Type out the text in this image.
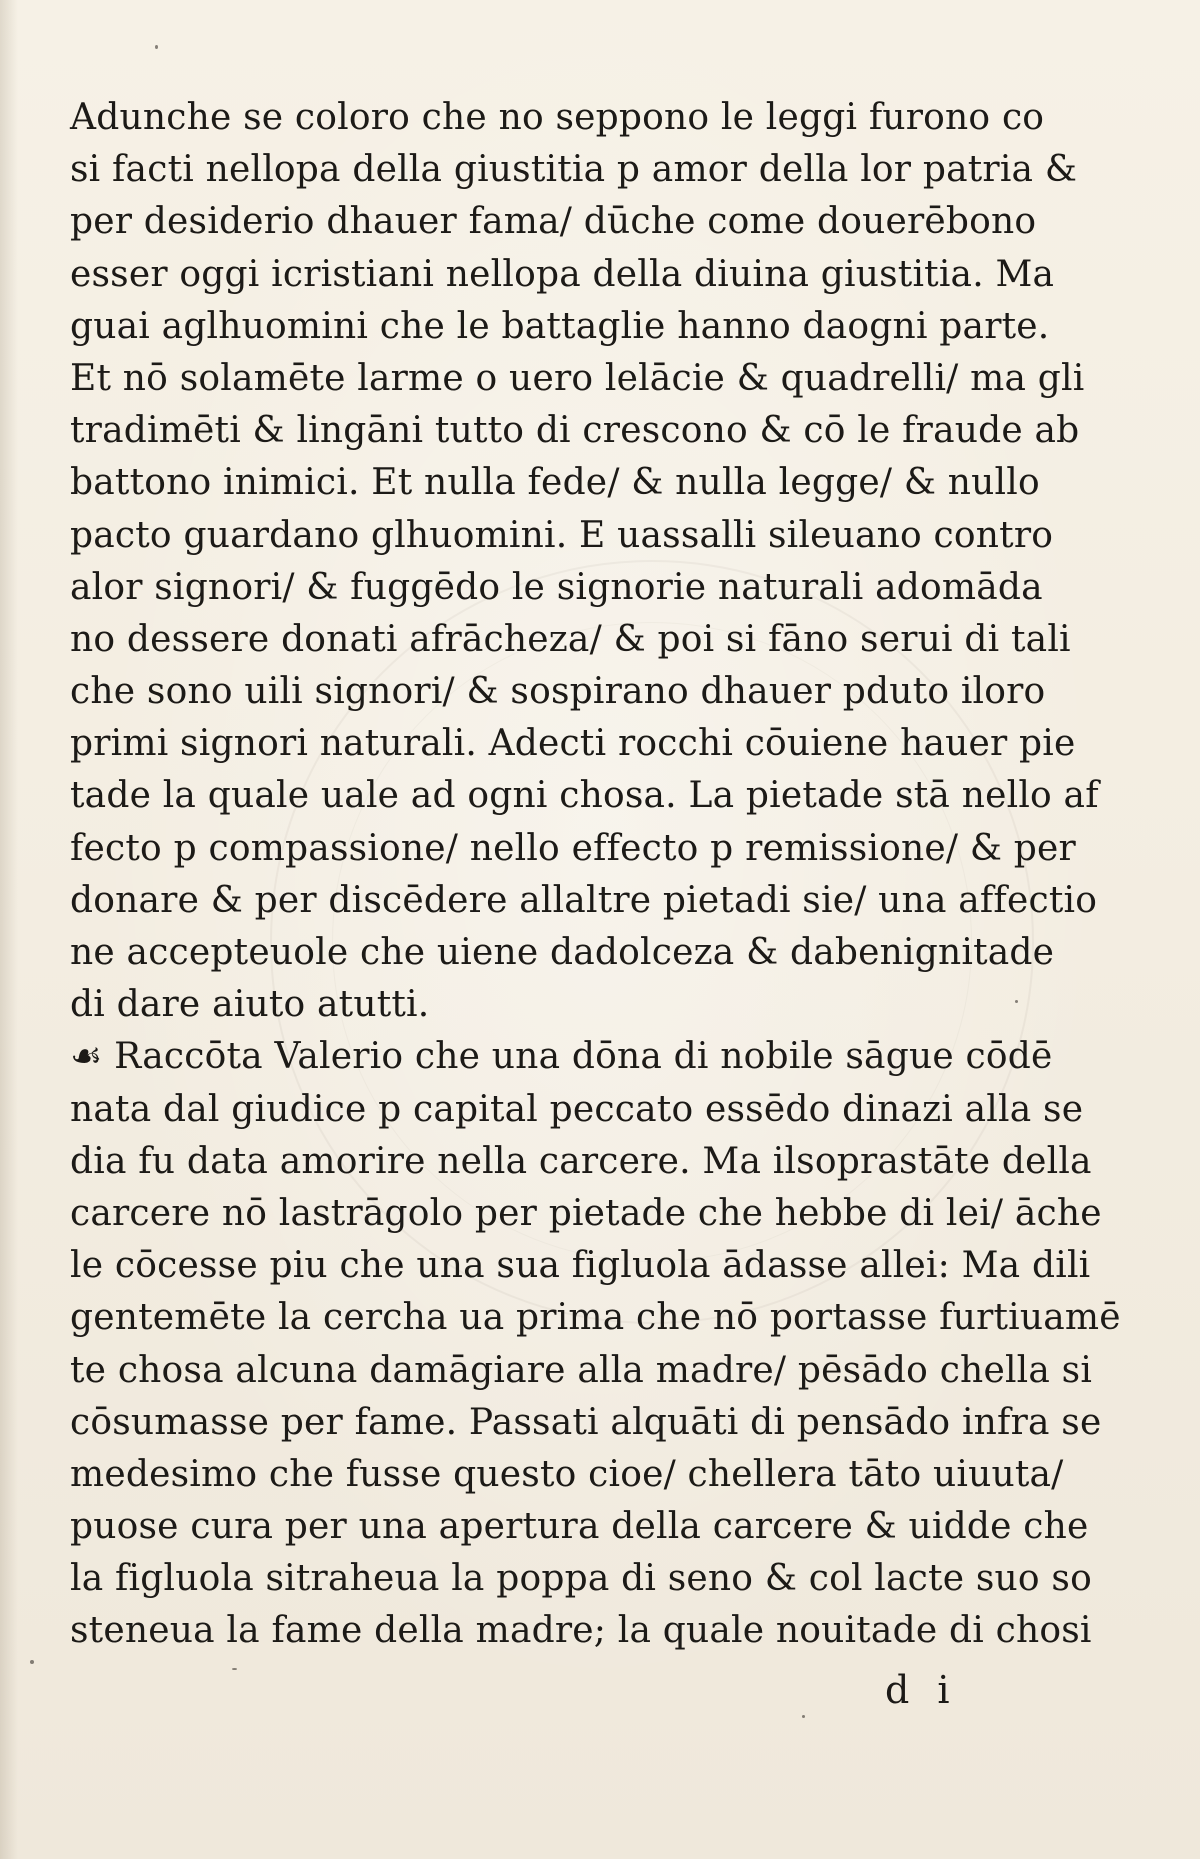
Adunche se coloro che no seppono le leggi furono co
si facti nellopa della giustitia p amor della lor patria &
per desiderio dhauer fama/ dūche come douerēbono
esser oggi icristiani nellopa della diuina giustitia. Ma
guai aglhuomini che le battaglie hanno daogni parte.
Et nō solamēte larme o uero lelācie & quadrelli/ ma gli
tradimēti & lingāni tutto di crescono & cō le fraude ab
battono inimici. Et nulla fede/ & nulla legge/ & nullo
pacto guardano glhuomini. E uassalli sileuano contro
alor signori/ & fuggēdo le signorie naturali adomāda
no dessere donati afrācheza/ & poi si fāno serui di tali
che sono uili signori/ & sospirano dhauer pduto iloro
primi signori naturali. Adecti rocchi cōuiene hauer pie
tade la quale uale ad ogni chosa. La pietade stā nello af
fecto p compassione/ nello effecto p remissione/ & per
donare & per discēdere allaltre pietadi sie/ una affectio
ne accepteuole che uiene dadolceza & dabenignitade
di dare aiuto atutti.
☙ Raccōta Valerio che una dōna di nobile sāgue cōdē
nata dal giudice p capital peccato essēdo dinazi alla se
dia fu data amorire nella carcere. Ma ilsoprastāte della
carcere nō lastrāgolo per pietade che hebbe di lei/ āche
le cōcesse piu che una sua figluola ādasse allei: Ma dili
gentemēte la cercha ua prima che nō portasse furtiuamē
te chosa alcuna damāgiare alla madre/ pēsādo chella si
cōsumasse per fame. Passati alquāti di pensādo infra se
medesimo che fusse questo cioe/ chellera tāto uiuuta/
puose cura per una apertura della carcere & uidde che
la figluola sitraheua la poppa di seno & col lacte suo so
steneua la fame della madre; la quale nouitade di chosi
d i
